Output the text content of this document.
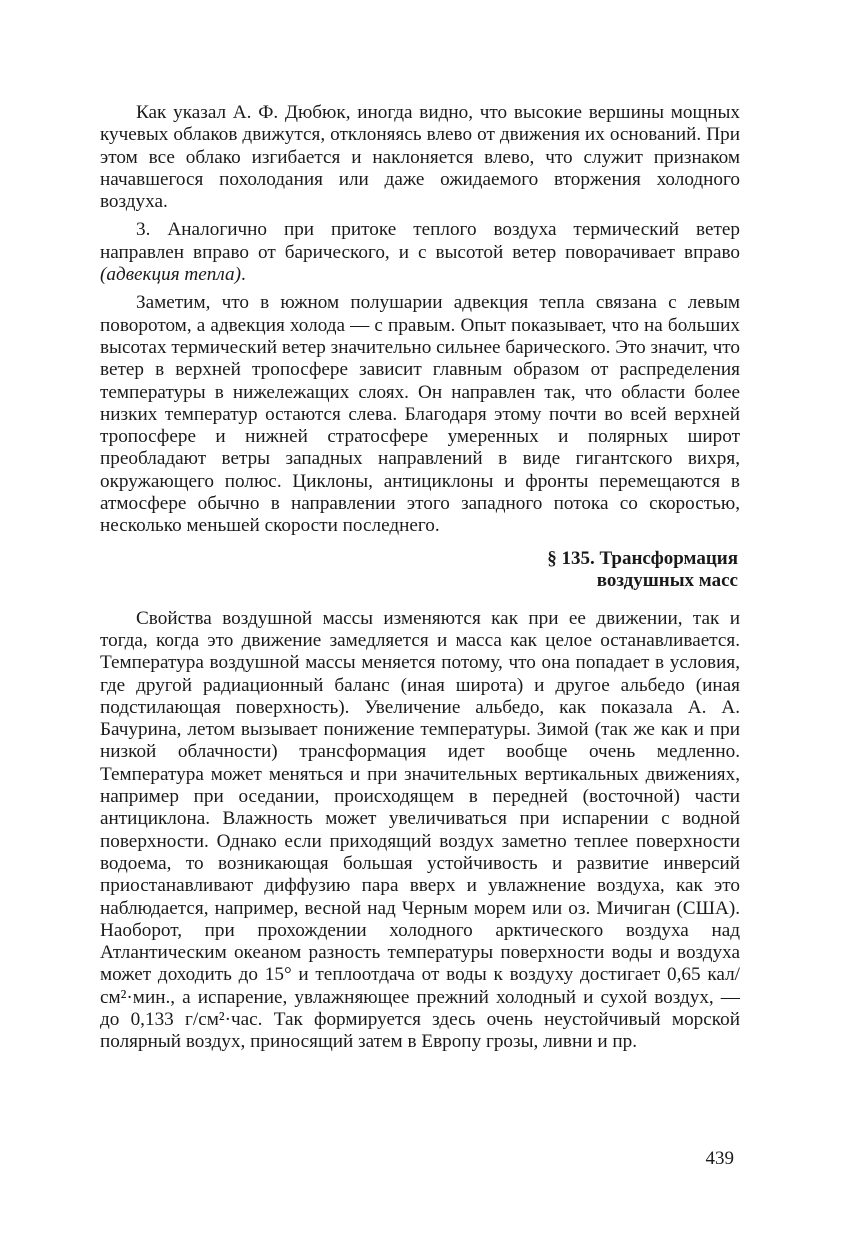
Как указал А. Ф. Дюбюк, иногда видно, что высокие вершины мощных кучевых облаков движутся, отклоняясь влево от движения их оснований. При этом все облако изгибается и наклоняется влево, что служит признаком начавшегося похолодания или даже ожидаемого вторжения холодного воздуха.

3. Аналогично при притоке теплого воздуха термический ветер направлен вправо от барического, и с высотой ветер поворачивает вправо (адвекция тепла).

Заметим, что в южном полушарии адвекция тепла связана с левым поворотом, а адвекция холода — с правым. Опыт показывает, что на больших высотах термический ветер значительно сильнее барического. Это значит, что ветер в верхней тропосфере зависит главным образом от распределения температуры в нижележащих слоях. Он направлен так, что области более низких температур остаются слева. Благодаря этому почти во всей верхней тропосфере и нижней стратосфере умеренных и полярных широт преобладают ветры западных направлений в виде гигантского вихря, окружающего полюс. Циклоны, антициклоны и фронты перемещаются в атмосфере обычно в направлении этого западного потока со скоростью, несколько меньшей скорости последнего.

§ 135. Трансформация
воздушных масс

Свойства воздушной массы изменяются как при ее движении, так и тогда, когда это движение замедляется и масса как целое останавливается. Температура воздушной массы меняется потому, что она попадает в условия, где другой радиационный баланс (иная широта) и другое альбедо (иная подстилающая поверхность). Увеличение альбедо, как показала А. А. Бачурина, летом вызывает понижение температуры. Зимой (так же как и при низкой облачности) трансформация идет вообще очень медленно. Температура может меняться и при значительных вертикальных движениях, например при оседании, происходящем в передней (восточной) части антициклона. Влажность может увеличиваться при испарении с водной поверхности. Однако если приходящий воздух заметно теплее поверхности водоема, то возникающая большая устойчивость и развитие инверсий приостанавливают диффузию пара вверх и увлажнение воздуха, как это наблюдается, например, весной над Черным морем или оз. Мичиган (США). Наоборот, при прохождении холодного арктического воздуха над Атлантическим океаном разность температуры поверхности воды и воздуха может доходить до 15° и теплоотдача от воды к воздуху достигает 0,65 кал/см²·мин., а испарение, увлажняющее прежний холодный и сухой воздух, — до 0,133 г/см²·час. Так формируется здесь очень неустойчивый морской полярный воздух, приносящий затем в Европу грозы, ливни и пр.

439
